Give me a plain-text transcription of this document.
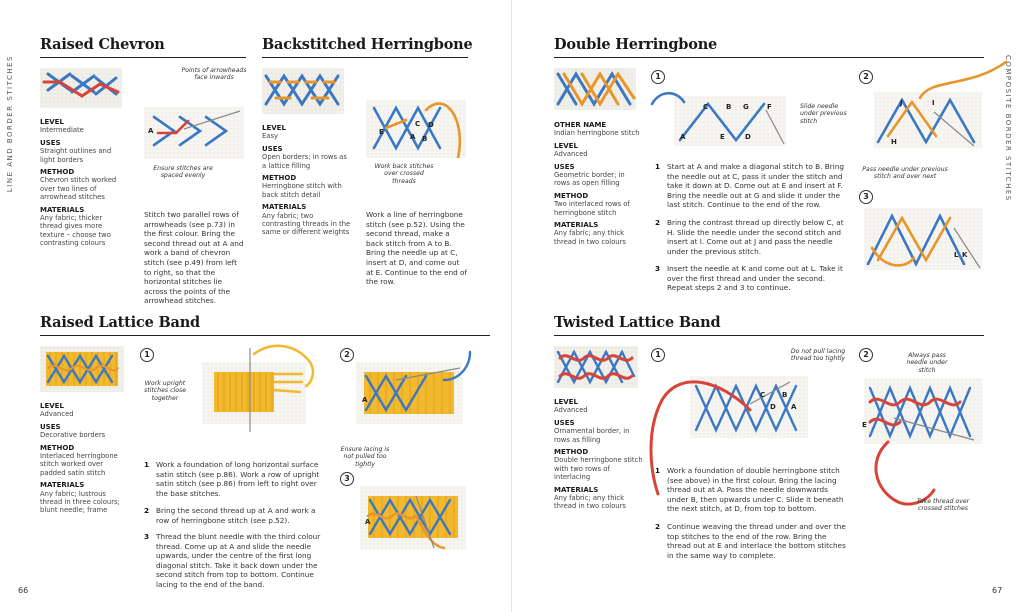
LINE AND BORDER STITCHES	COMPOSITE BORDER STITCHES
66	67
Raised Chevron
LEVEL
Intermediate
USES
Straight outlines and light borders
METHOD
Chevron stitch worked over two lines of arrowhead stitches
MATERIALS
Any fabric; thicker thread gives more texture – choose two contrasting colours
Points of arrowheads face inwards
A
Ensure stitches are spaced evenly
Stitch two parallel rows of arrowheads (see p.73) in the first colour. Bring the second thread out at A and work a band of chevron stitch (see p.49) from left to right, so that the horizontal stitches lie across the points of the arrowhead stitches.
Backstitched Herringbone
LEVEL
Easy
USES
Open borders; in rows as a lattice filling
METHOD
Herringbone stitch with back stitch detail
MATERIALS
Any fabric; two contrasting threads in the same or different weights
E
C D
A B
Work back stitches over crossed threads
Work a line of herringbone stitch (see p.52). Using the second thread, make a back stitch from A to B. Bring the needle up at C, insert at D, and come out at E. Continue to the end of the row.
Double Herringbone
OTHER NAME
Indian herringbone stitch
LEVEL
Advanced
USES
Geometric border; in rows as open filling
METHOD
Two interlaced rows of herringbone stitch
MATERIALS
Any fabric; any thick thread in two colours
1
C	B G	F
A	E	D
Slide needle under previous stitch
2
J	I
H
Pass needle under previous stitch and over next
3
L K
1 Start at A and make a diagonal stitch to B. Bring the needle out at C, pass it under the stitch and take it down at D. Come out at E and insert at F. Bring the needle out at G and slide it under the last stitch. Continue to the end of the row.
2 Bring the contrast thread up directly below C, at H. Slide the needle under the second stitch and insert at I. Come out at J and pass the needle under the previous stitch.
3 Insert the needle at K and come out at L. Take it over the first thread and under the second. Repeat steps 2 and 3 to continue.
Raised Lattice Band
LEVEL
Advanced
USES
Decorative borders
METHOD
Interlaced herringbone stitch worked over padded satin stitch
MATERIALS
Any fabric; lustrous thread in three colours; blunt needle; frame
1
Work upright stitches close together
2
A
Ensure lacing is not pulled too tightly
3
A
1 Work a foundation of long horizontal surface satin stitch (see p.86). Work a row of upright satin stitch (see p.86) from left to right over the base stitches.
2 Bring the second thread up at A and work a row of herringbone stitch (see p.52).
3 Thread the blunt needle with the third colour thread. Come up at A and slide the needle upwards, under the centre of the first long diagonal stitch. Take it back down under the second stitch from top to bottom. Continue lacing to the end of the band.
Twisted Lattice Band
LEVEL
Advanced
USES
Ornamental border, in rows as filling
METHOD
Double herringbone stitch with two rows of interlacing
MATERIALS
Any fabric; any thick thread in two colours
1	Do not pull lacing thread too tightly
C B
A
D
2	Always pass needle under stitch
E
Take thread over crossed stitches
1 Work a foundation of double herringbone stitch (see above) in the first colour. Bring the lacing thread out at A. Pass the needle downwards under B, then upwards under C. Slide it beneath the next stitch, at D, from top to bottom.
2 Continue weaving the thread under and over the top stitches to the end of the row. Bring the thread out at E and interlace the bottom stitches in the same way to complete.
